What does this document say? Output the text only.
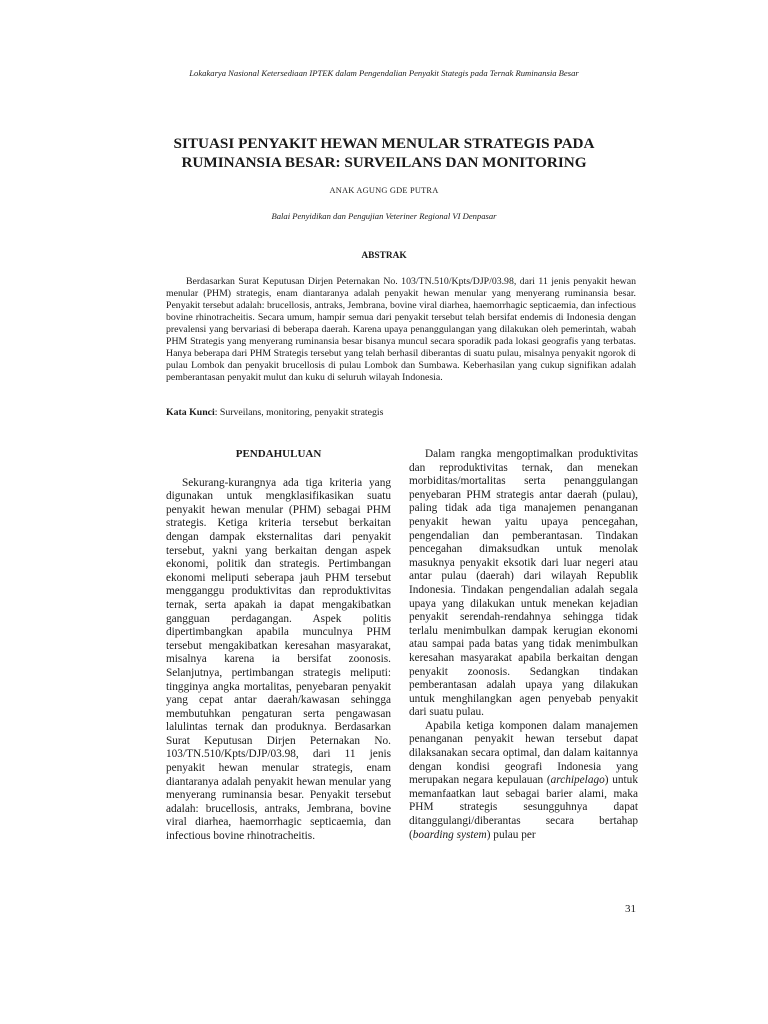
Lokakarya Nasional Ketersediaan IPTEK dalam Pengendalian Penyakit Stategis pada Ternak Ruminansia Besar
SITUASI PENYAKIT HEWAN MENULAR STRATEGIS PADA
RUMINANSIA BESAR: SURVEILANS DAN MONITORING
ANAK AGUNG GDE PUTRA
Balai Penyidikan dan Pengujian Veteriner Regional VI Denpasar
ABSTRAK

Berdasarkan Surat Keputusan Dirjen Peternakan No. 103/TN.510/Kpts/DJP/03.98, dari 11 jenis penyakit hewan menular (PHM) strategis, enam diantaranya adalah penyakit hewan menular yang menyerang ruminansia besar. Penyakit tersebut adalah: brucellosis, antraks, Jembrana, bovine viral diarhea, haemorrhagic septicaemia, dan infectious bovine rhinotracheitis. Secara umum, hampir semua dari penyakit tersebut telah bersifat endemis di Indonesia dengan prevalensi yang bervariasi di beberapa daerah. Karena upaya penanggulangan yang dilakukan oleh pemerintah, wabah PHM Strategis yang menyerang ruminansia besar bisanya muncul secara sporadik pada lokasi geografis yang terbatas. Hanya beberapa dari PHM Strategis tersebut yang telah berhasil diberantas di suatu pulau, misalnya penyakit ngorok di pulau Lombok dan penyakit brucellosis di pulau Lombok dan Sumbawa. Keberhasilan yang cukup signifikan adalah pemberantasan penyakit mulut dan kuku di seluruh wilayah Indonesia.

Kata Kunci: Surveilans, monitoring, penyakit strategis
PENDAHULUAN

Sekurang-kurangnya ada tiga kriteria yang digunakan untuk mengklasifikasikan suatu penyakit hewan menular (PHM) sebagai PHM strategis. Ketiga kriteria tersebut berkaitan dengan dampak eksternalitas dari penyakit tersebut, yakni yang berkaitan dengan aspek ekonomi, politik dan strategis. Pertimbangan ekonomi meliputi seberapa jauh PHM tersebut mengganggu produktivitas dan reproduktivitas ternak, serta apakah ia dapat mengakibatkan gangguan perdagangan. Aspek politis dipertimbangkan apabila munculnya PHM tersebut mengakibatkan keresahan masyarakat, misalnya karena ia bersifat zoonosis. Selanjutnya, pertimbangan strategis meliputi: tingginya angka mortalitas, penyebaran penyakit yang cepat antar daerah/kawasan sehingga membutuhkan pengaturan serta pengawasan lalulintas ternak dan produknya. Berdasarkan Surat Keputusan Dirjen Peternakan No. 103/TN.510/Kpts/DJP/03.98, dari 11 jenis penyakit hewan menular strategis, enam diantaranya adalah penyakit hewan menular yang menyerang ruminansia besar. Penyakit tersebut adalah: brucellosis, antraks, Jembrana, bovine viral diarhea, haemorrhagic septicaemia, dan infectious bovine rhinotracheitis.

Dalam rangka mengoptimalkan produktivitas dan reproduktivitas ternak, dan menekan morbiditas/mortalitas serta penanggulangan penyebaran PHM strategis antar daerah (pulau), paling tidak ada tiga manajemen penanganan penyakit hewan yaitu upaya pencegahan, pengendalian dan pemberantasan. Tindakan pencegahan dimaksudkan untuk menolak masuknya penyakit eksotik dari luar negeri atau antar pulau (daerah) dari wilayah Republik Indonesia. Tindakan pengendalian adalah segala upaya yang dilakukan untuk menekan kejadian penyakit serendah-rendahnya sehingga tidak terlalu menimbulkan dampak kerugian ekonomi atau sampai pada batas yang tidak menimbulkan keresahan masyarakat apabila berkaitan dengan penyakit zoonosis. Sedangkan tindakan pemberantasan adalah upaya yang dilakukan untuk menghilangkan agen penyebab penyakit dari suatu pulau.

Apabila ketiga komponen dalam manajemen penanganan penyakit hewan tersebut dapat dilaksanakan secara optimal, dan dalam kaitannya dengan kondisi geografi Indonesia yang merupakan negara kepulauan (archipelago) untuk memanfaatkan laut sebagai barier alami, maka PHM strategis sesungguhnya dapat ditanggulangi/diberantas secara bertahap (boarding system) pulau per

31
